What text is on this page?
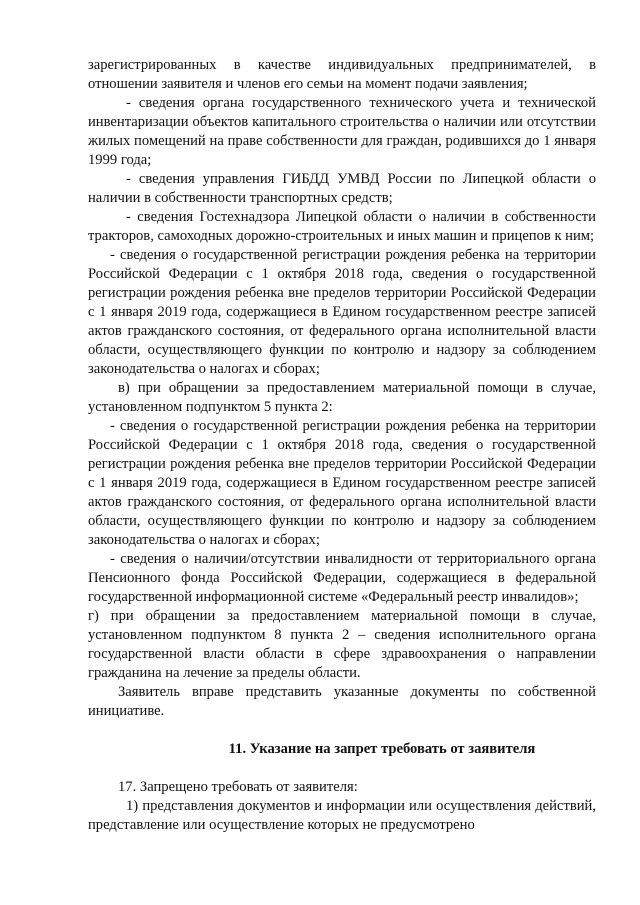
зарегистрированных в качестве индивидуальных предпринимателей, в отношении заявителя и членов его семьи на момент подачи заявления;

- сведения органа государственного технического учета и технической инвентаризации объектов капитального строительства о наличии или отсутствии жилых помещений на праве собственности для граждан, родившихся до 1 января 1999 года;

- сведения управления ГИБДД УМВД России по Липецкой области о наличии в собственности транспортных средств;

- сведения Гостехнадзора Липецкой области о наличии в собственности тракторов, самоходных дорожно-строительных и иных машин и прицепов к ним;

- сведения о государственной регистрации рождения ребенка на территории Российской Федерации с 1 октября 2018 года, сведения о государственной регистрации рождения ребенка вне пределов территории Российской Федерации с 1 января 2019 года, содержащиеся в Едином государственном реестре записей актов гражданского состояния, от федерального органа исполнительной власти области, осуществляющего функции по контролю и надзору за соблюдением законодательства о налогах и сборах;

в) при обращении за предоставлением материальной помощи в случае, установленном подпунктом 5 пункта 2:

- сведения о государственной регистрации рождения ребенка на территории Российской Федерации с 1 октября 2018 года, сведения о государственной регистрации рождения ребенка вне пределов территории Российской Федерации с 1 января 2019 года, содержащиеся в Едином государственном реестре записей актов гражданского состояния, от федерального органа исполнительной власти области, осуществляющего функции по контролю и надзору за соблюдением законодательства о налогах и сборах;

- сведения о наличии/отсутствии инвалидности от территориального органа Пенсионного фонда Российской Федерации, содержащиеся в федеральной государственной информационной системе «Федеральный реестр инвалидов»;

г) при обращении за предоставлением материальной помощи в случае, установленном подпунктом 8 пункта 2 – сведения исполнительного органа государственной власти области в сфере здравоохранения о направлении гражданина на лечение за пределы области.

Заявитель вправе представить указанные документы по собственной инициативе.

11. Указание на запрет требовать от заявителя

17. Запрещено требовать от заявителя:

1) представления документов и информации или осуществления действий, представление или осуществление которых не предусмотрено
